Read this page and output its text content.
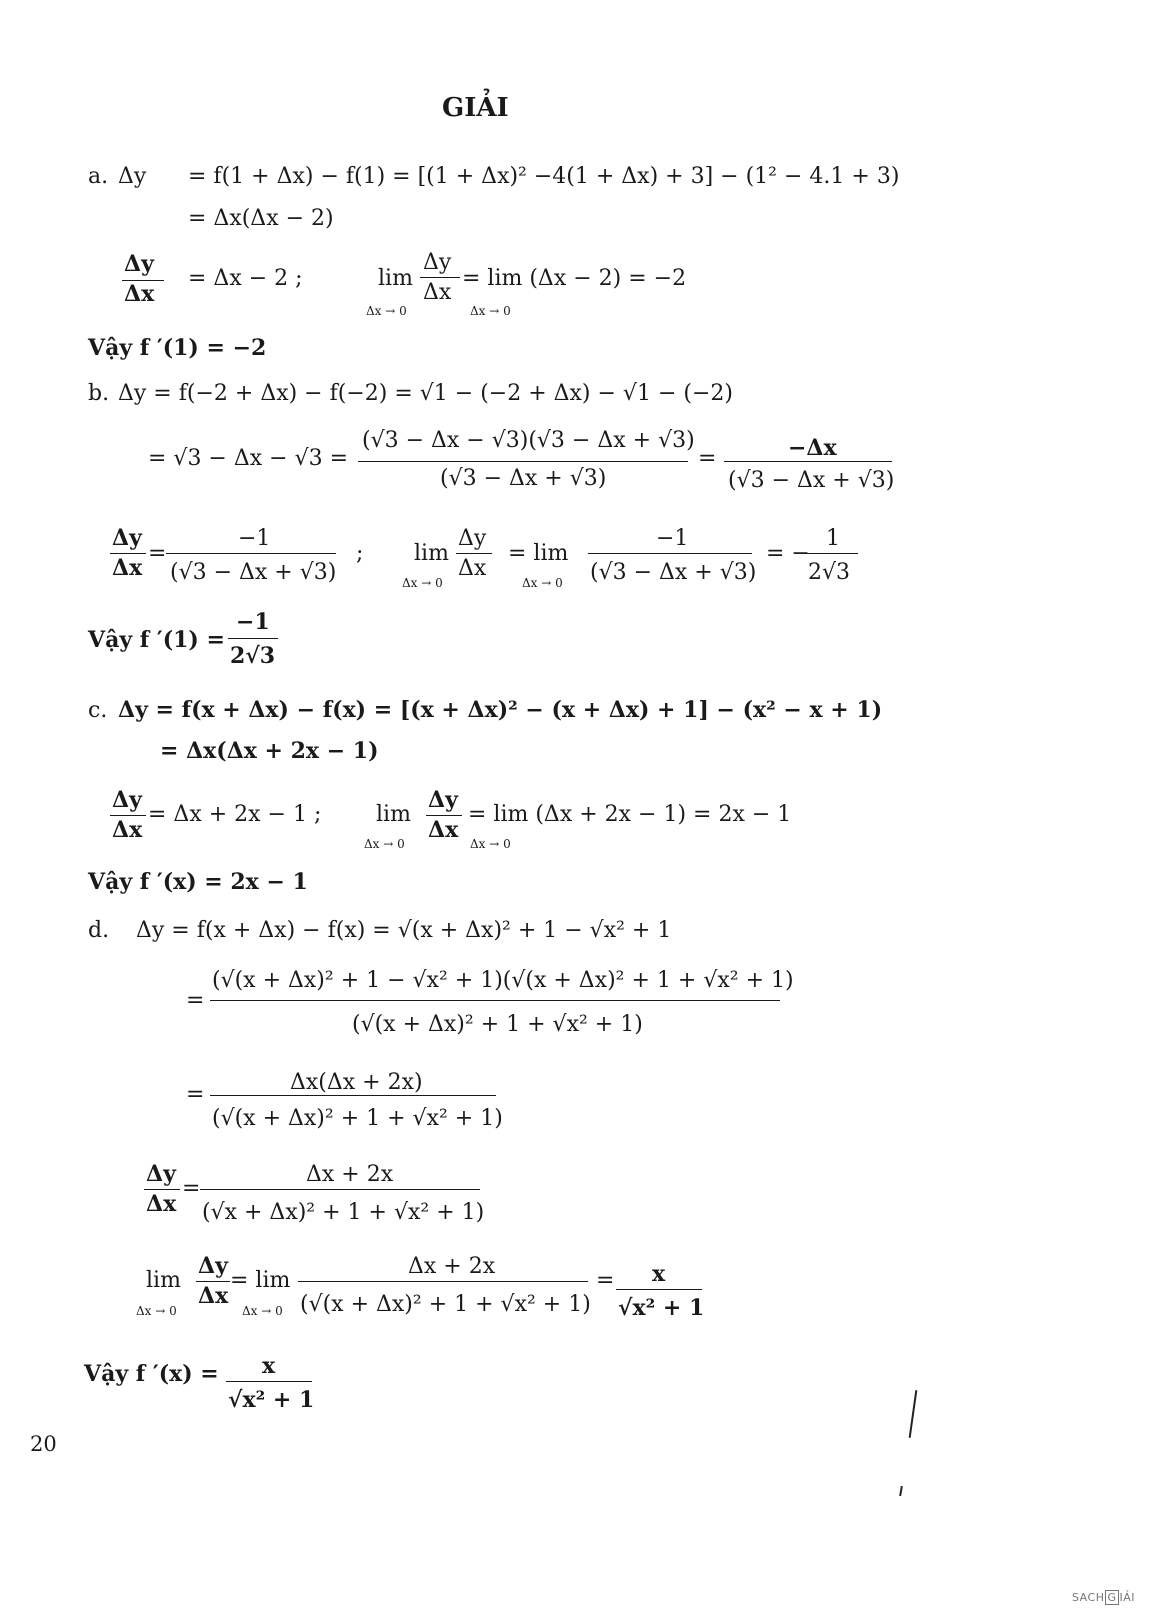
GIẢI
a. Δy = f(1 + Δx) − f(1) = [(1 + Δx)² −4(1 + Δx) + 3] − (1² − 4.1 + 3)
= Δx(Δx − 2)
Δy
Δx
= Δx − 2 ;	lim
Δx → 0
Δy
Δx
= lim (Δx − 2) = −2
Δx → 0
Vậy f ′(1) = −2
b. Δy = f(−2 + Δx) − f(−2) = √1 − (−2 + Δx) − √1 − (−2)
= √3 − Δx − √3 =
(√3 − Δx − √3)(√3 − Δx + √3)
(√3 − Δx + √3)
=	−Δx
(√3 − Δx + √3)
Δy
Δx
=
−1
(√3 − Δx + √3)
; lim
Δx → 0
Δy
Δx
= lim
Δx → 0
−1
(√3 − Δx + √3)
= −
1
2√3
Vậy f ′(1) =
−1
2√3
c. Δy = f(x + Δx) − f(x) = [(x + Δx)² − (x + Δx) + 1] − (x² − x + 1)
= Δx(Δx + 2x − 1)
Δy
Δx
= Δx + 2x − 1 ; lim
Δx → 0
Δy
Δx
= lim (Δx + 2x − 1) = 2x − 1
Δx → 0
Vậy f ′(x) = 2x − 1
d. Δy = f(x + Δx) − f(x) = √(x + Δx)² + 1 − √x² + 1
=
(√(x + Δx)² + 1 − √x² + 1)(√(x + Δx)² + 1 + √x² + 1)
(√(x + Δx)² + 1 + √x² + 1)
=	Δx(Δx + 2x)
(√(x + Δx)² + 1 + √x² + 1)
Δy
Δx
=
Δx + 2x
(√x + Δx)² + 1 + √x² + 1)
lim
Δx → 0
Δy
Δx
= lim
Δx → 0
Δx + 2x
(√(x + Δx)² + 1 + √x² + 1)
= x
√x² + 1
Vậy f ′(x) = x
√x² + 1
20
SACH G IẢI
